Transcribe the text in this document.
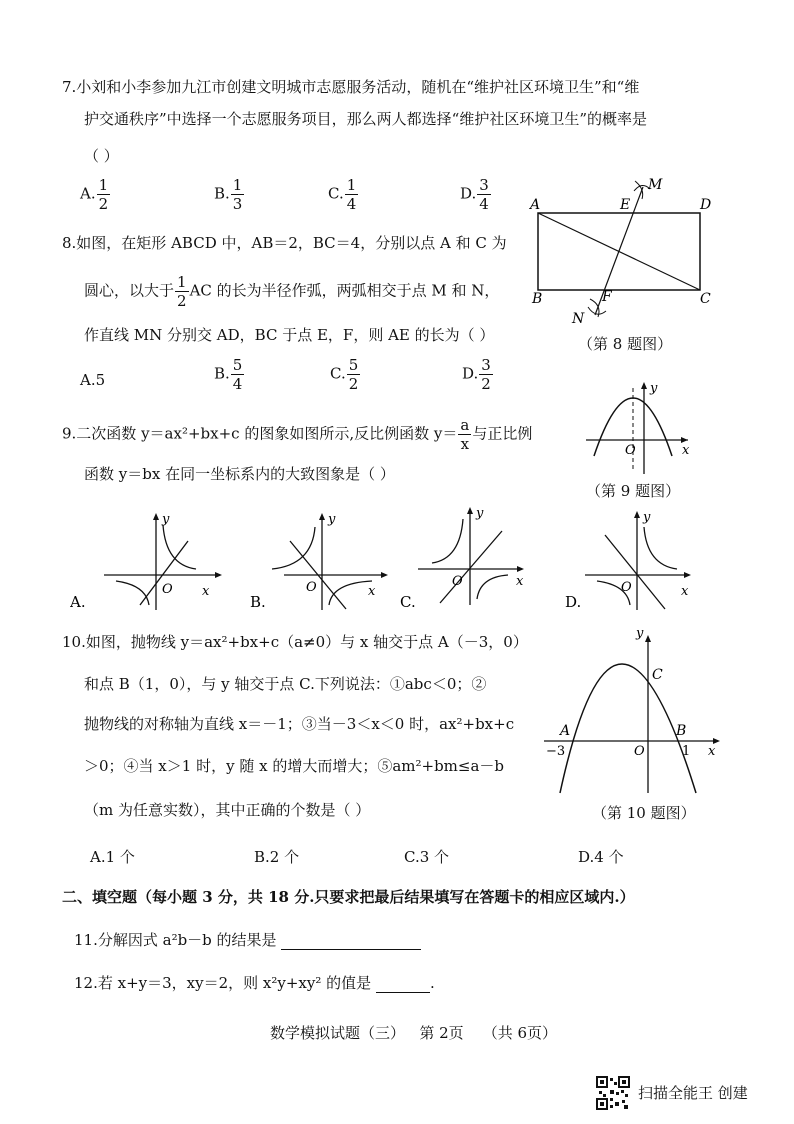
7.小刘和小李参加九江市创建文明城市志愿服务活动，随机在“维护社区环境卫生”和“维
护交通秩序”中选择一个志愿服务项目，那么两人都选择“维护社区环境卫生”的概率是
（ ）
A. $\frac{1}{2}$	B. $\frac{1}{3}$	C. $\frac{1}{4}$	D. $\frac{3}{4}$
8.如图，在矩形 ABCD 中，AB＝2，BC＝4，分别以点 A 和 C 为
圆心，以大于 $\frac{1}{2}$ AC 的长为半径作弧，两弧相交于点 M 和 N，
作直线 MN 分别交 AD，BC 于点 E，F，则 AE 的长为（ ）
A.5	B. $\frac{5}{4}$	C. $\frac{5}{2}$	D. $\frac{3}{2}$
A	D
B	C
E
F
M
N
（第 8 题图）
9.二次函数 y＝ax²+bx+c 的图象如图所示,反比例函数 $y= \frac{a}{x}$ 与正比例
函数 y＝bx 在同一坐标系内的大致图象是（ ）
O	x
y
（第 9 题图）
A.
O x
y
B.
O	x
y
C.
O	x
y
D.
O	x
y
10.如图，抛物线 y＝ax²+bx+c（a≠0）与 x 轴交于点 A（－3，0）
和点 B（1，0），与 y 轴交于点 C.下列说法：①abc＜0；②
抛物线的对称轴为直线 x＝－1；③当－3＜x＜0 时，ax²+bx+c
＞0；④当 x＞1 时，y 随 x 的增大而增大；⑤am²+bm≤a－b
（m 为任意实数），其中正确的个数是（ ）
A.1 个	B.2 个	C.3 个	D.4 个
y
x
C
A	B
−3	O	1
（第 10 题图）
二、填空题（每小题 3 分，共 18 分.只要求把最后结果填写在答题卡的相应区域内.）
11.分解因式 a²b－b 的结果是
12.若 x+y＝3，xy＝2，则 x²y+xy² 的值是	.
数学模拟试题（三） 第 2页 （共 6页）
扫描全能王 创建
